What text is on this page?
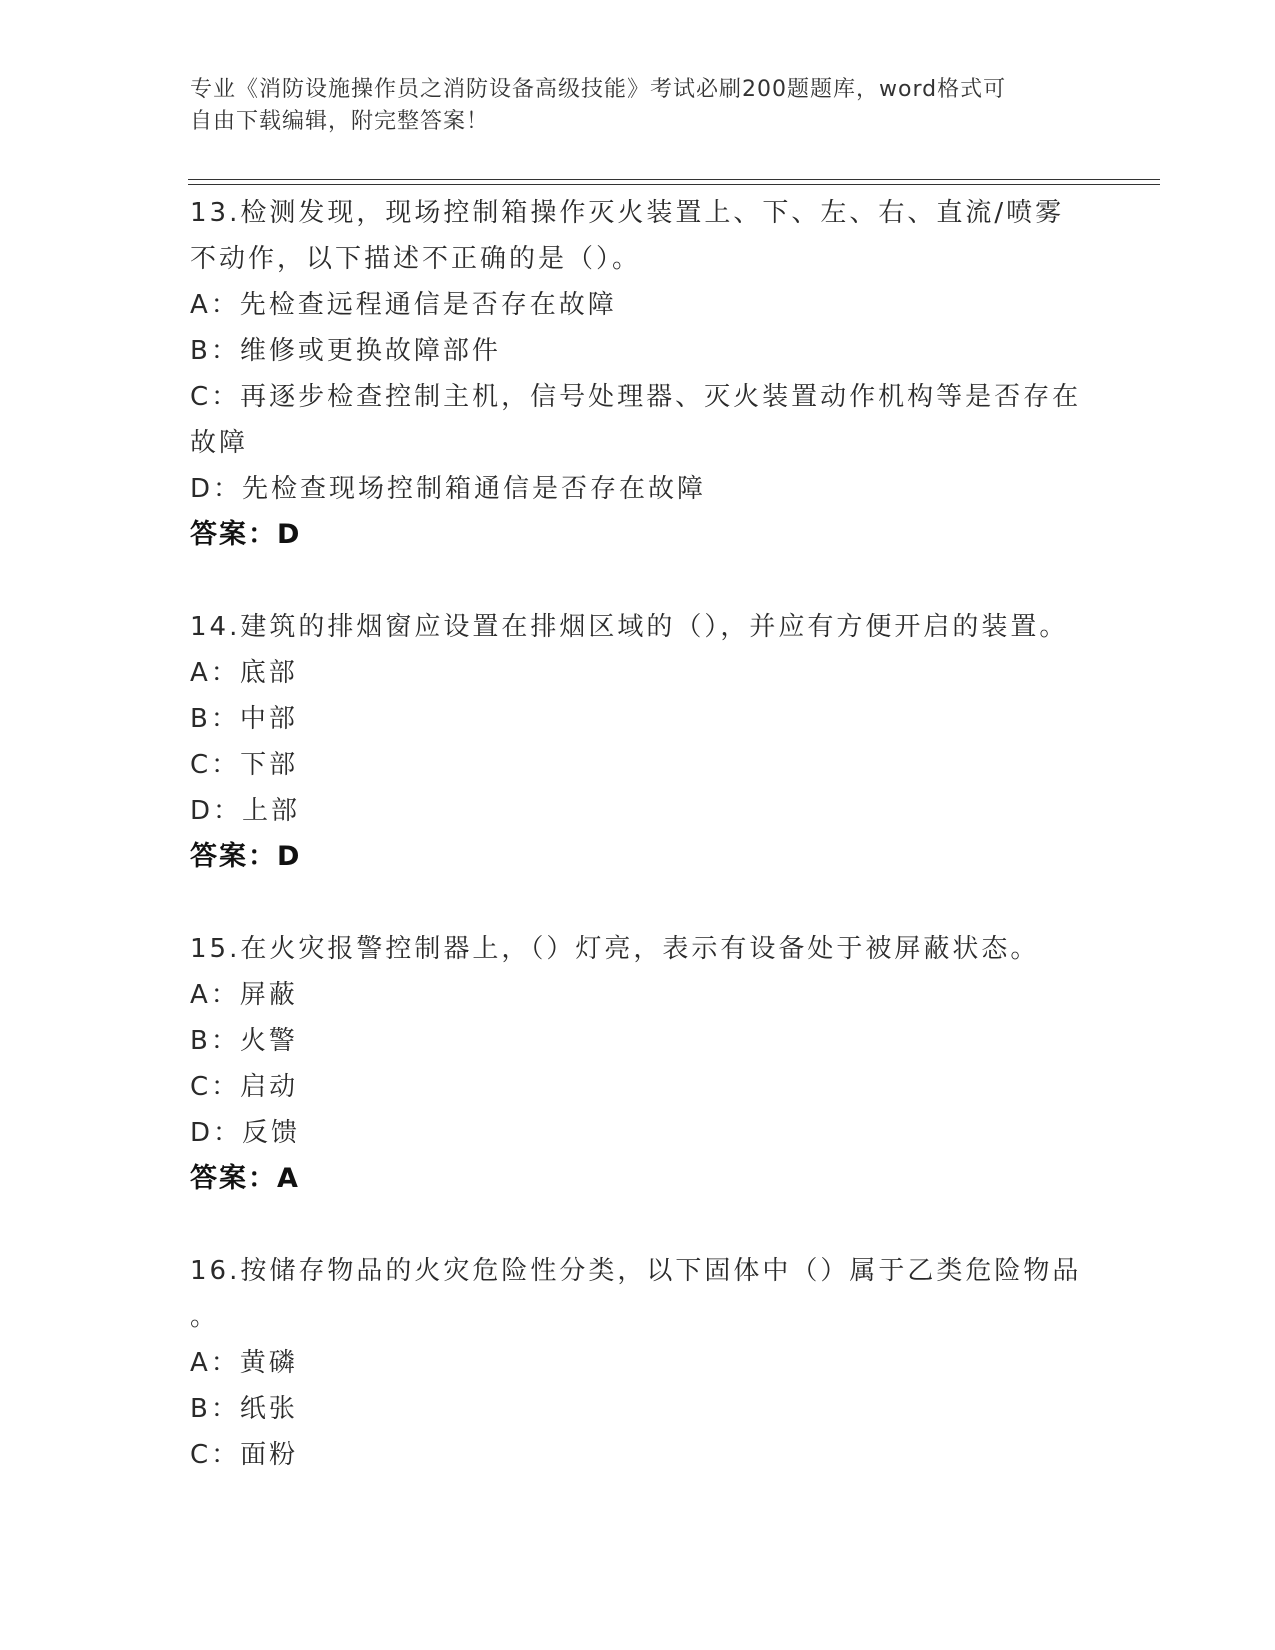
专业《消防设施操作员之消防设备高级技能》考试必刷200题题库，word格式可

自由下载编辑，附完整答案！

13.检测发现，现场控制箱操作灭火装置上、下、左、右、直流/喷雾

不动作，以下描述不正确的是（）。

A：先检查远程通信是否存在故障

B：维修或更换故障部件

C：再逐步检查控制主机，信号处理器、灭火装置动作机构等是否存在

故障

D：先检查现场控制箱通信是否存在故障

答案：D

14.建筑的排烟窗应设置在排烟区域的（），并应有方便开启的装置。

A：底部

B：中部

C：下部

D：上部

答案：D

15.在火灾报警控制器上，（）灯亮，表示有设备处于被屏蔽状态。

A：屏蔽

B：火警

C：启动

D：反馈

答案：A

16.按储存物品的火灾危险性分类，以下固体中（）属于乙类危险物品

。

A：黄磷

B：纸张

C：面粉
